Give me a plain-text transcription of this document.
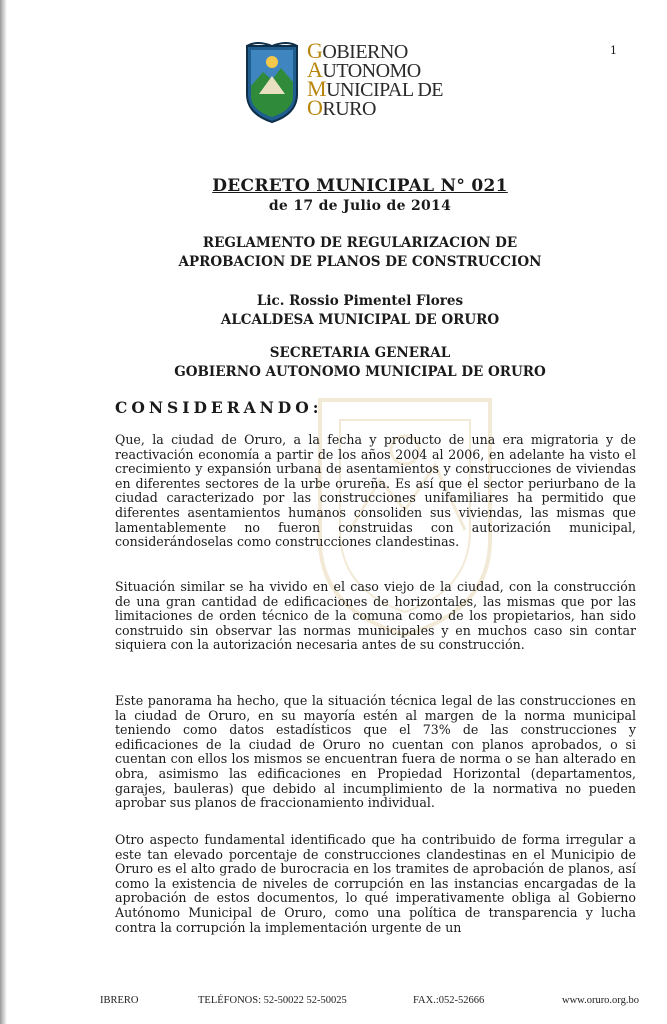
1
GOBIERNO
AUTONOMO
MUNICIPAL DE
ORURO
DECRETO MUNICIPAL N° 021
de 17 de Julio de 2014
REGLAMENTO DE REGULARIZACION DE
APROBACION DE PLANOS DE CONSTRUCCION
Lic. Rossio Pimentel Flores
ALCALDESA MUNICIPAL DE ORURO
SECRETARIA GENERAL
GOBIERNO AUTONOMO MUNICIPAL DE ORURO
CONSIDERANDO:
Que, la ciudad de Oruro, a la fecha y producto de una era migratoria y de reactivación economía a partir de los años 2004 al 2006, en adelante ha visto el crecimiento y expansión urbana de asentamientos y construcciones de viviendas en diferentes sectores de la urbe orureña. Es así que el sector periurbano de la ciudad caracterizado por las construcciones unifamiliares ha permitido que diferentes asentamientos humanos consoliden sus viviendas, las mismas que lamentablemente no fueron construidas con autorización municipal, considerándoselas como construcciones clandestinas.
Situación similar se ha vivido en el caso viejo de la ciudad, con la construcción de una gran cantidad de edificaciones de horizontales, las mismas que por las limitaciones de orden técnico de la comuna como de los propietarios, han sido construido sin observar las normas municipales y en muchos caso sin contar siquiera con la autorización necesaria antes de su construcción.
Este panorama ha hecho, que la situación técnica legal de las construcciones en la ciudad de Oruro, en su mayoría estén al margen de la norma municipal teniendo como datos estadísticos que el 73% de las construcciones y edificaciones de la ciudad de Oruro no cuentan con planos aprobados, o si cuentan con ellos los mismos se encuentran fuera de norma o se han alterado en obra, asimismo las edificaciones en Propiedad Horizontal (departamentos, garajes, bauleras) que debido al incumplimiento de la normativa no pueden aprobar sus planos de fraccionamiento individual.
Otro aspecto fundamental identificado que ha contribuido de forma irregular a este tan elevado porcentaje de construcciones clandestinas en el Municipio de Oruro es el alto grado de burocracia en los tramites de aprobación de planos, así como la existencia de niveles de corrupción en las instancias encargadas de la aprobación de estos documentos, lo qué imperativamente obliga al Gobierno Autónomo Municipal de Oruro, como una política de transparencia y lucha contra la corrupción la implementación urgente de un
IBRERO	TELÉFONOS: 52-50022 52-50025	FAX.:052-52666	www.oruro.org.bo
